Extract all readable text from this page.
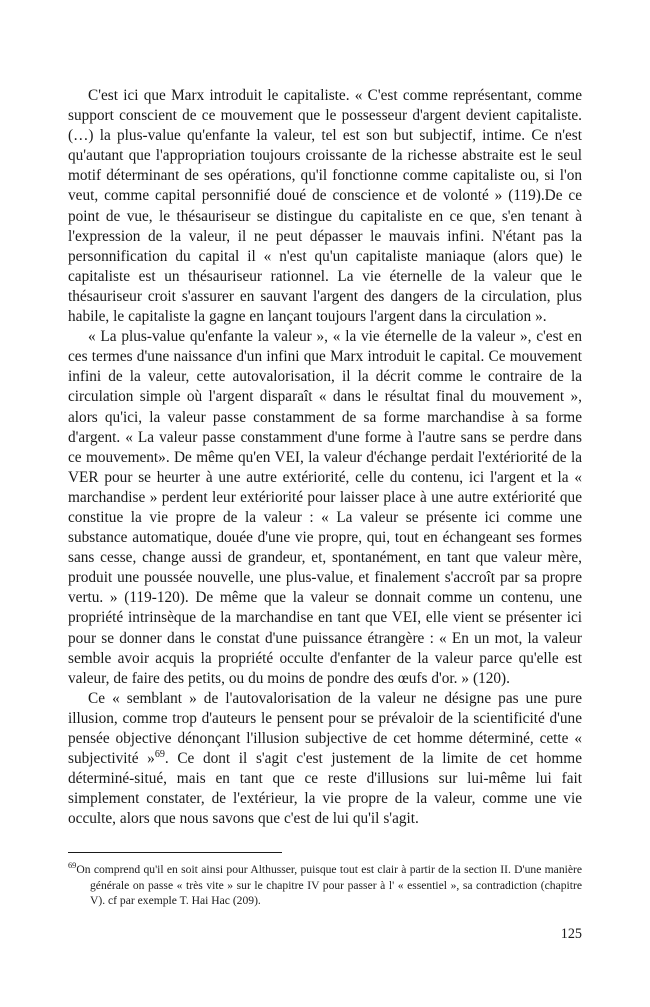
C'est ici que Marx introduit le capitaliste. « C'est comme représentant, comme support conscient de ce mouvement que le possesseur d'argent devient capitaliste.(…) la plus-value qu'enfante la valeur, tel est son but subjectif, intime. Ce n'est qu'autant que l'appropriation toujours croissante de la richesse abstraite est le seul motif déterminant de ses opérations, qu'il fonctionne comme capitaliste ou, si l'on veut, comme capital personnifié doué de conscience et de volonté » (119).De ce point de vue, le thésauriseur se distingue du capitaliste en ce que, s'en tenant à l'expression de la valeur, il ne peut dépasser le mauvais infini. N'étant pas la personnification du capital il « n'est qu'un capitaliste maniaque (alors que) le capitaliste est un thésauriseur rationnel. La vie éternelle de la valeur que le thésauriseur croit s'assurer en sauvant l'argent des dangers de la circulation, plus habile, le capitaliste la gagne en lançant toujours l'argent dans la circulation ».

« La plus-value qu'enfante la valeur », « la vie éternelle de la valeur », c'est en ces termes d'une naissance d'un infini que Marx introduit le capital. Ce mouvement infini de la valeur, cette autovalorisation, il la décrit comme le contraire de la circulation simple où l'argent disparaît « dans le résultat final du mouvement », alors qu'ici, la valeur passe constamment de sa forme marchandise à sa forme d'argent. « La valeur passe constamment d'une forme à l'autre sans se perdre dans ce mouvement». De même qu'en VEI, la valeur d'échange perdait l'extériorité de la VER pour se heurter à une autre extériorité, celle du contenu, ici l'argent et la « marchandise » perdent leur extériorité pour laisser place à une autre extériorité que constitue la vie propre de la valeur : « La valeur se présente ici comme une substance automatique, douée d'une vie propre, qui, tout en échangeant ses formes sans cesse, change aussi de grandeur, et, spontanément, en tant que valeur mère, produit une poussée nouvelle, une plus-value, et finalement s'accroît par sa propre vertu. » (119-120). De même que la valeur se donnait comme un contenu, une propriété intrinsèque de la marchandise en tant que VEI, elle vient se présenter ici pour se donner dans le constat d'une puissance étrangère : « En un mot, la valeur semble avoir acquis la propriété occulte d'enfanter de la valeur parce qu'elle est valeur, de faire des petits, ou du moins de pondre des œufs d'or. » (120).

Ce « semblant » de l'autovalorisation de la valeur ne désigne pas une pure illusion, comme trop d'auteurs le pensent pour se prévaloir de la scientificité d'une pensée objective dénonçant l'illusion subjective de cet homme déterminé, cette « subjectivité »$^{69}$. Ce dont il s'agit c'est justement de la limite de cet homme déterminé-situé, mais en tant que ce reste d'illusions sur lui-même lui fait simplement constater, de l'extérieur, la vie propre de la valeur, comme une vie occulte, alors que nous savons que c'est de lui qu'il s'agit.

$^{69}$On comprend qu'il en soit ainsi pour Althusser, puisque tout est clair à partir de la section II. D'une manière générale on passe « très vite » sur le chapitre IV pour passer à l' « essentiel », sa contradiction (chapitre V). cf par exemple T. Hai Hac (209).

125
